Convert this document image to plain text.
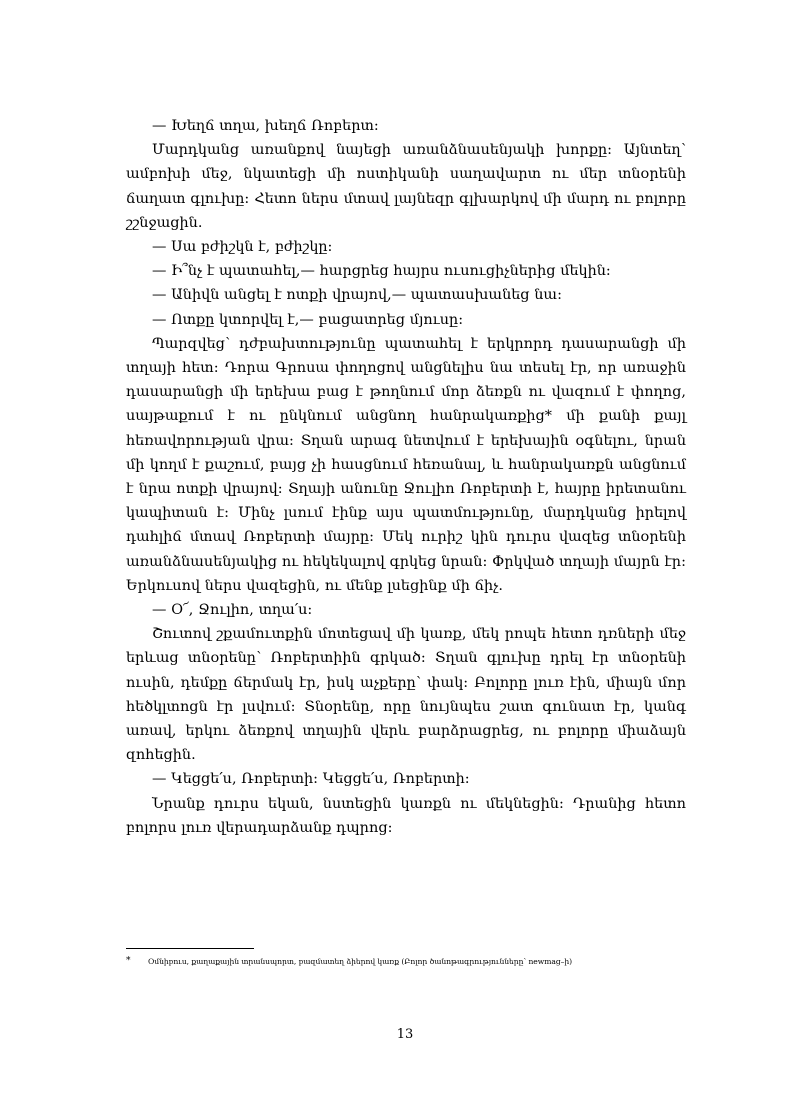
— Խեղճ տղա, խեղճ Ռոբերտ։

Մարդկանց առանքով նայեցի առանձնասենյակի խորքը։ Այնտեղ՝ ամբոխի մեջ, նկատեցի մի ոստիկանի սաղավարտ ու մեր տնօրենի ճաղատ գլուխը։ Հետո ներս մտավ լայնեզր գլխարկով մի մարդ ու բոլորը շշնջացին.

— Սա բժիշկն է, բժիշկը։

— Ի՞նչ է պատահել,— հարցրեց հայրս ուսուցիչներից մեկին։

— Անիվն անցել է ոտքի վրայով,— պատասխանեց նա։

— Ոտքը կտորվել է,— բացատրեց մյուսը։

Պարզվեց՝ դժբախտությունը պատահել է երկրորդ դասարանցի մի տղայի հետ։ Դորա Գրոսա փողոցով անցնելիս նա տեսել էր, որ առաջին դասարանցի մի երեխա բաց է թողնում մոր ձեռքն ու վազում է փողոց, սայթաքում է ու ընկնում անցնող հանրակառքից* մի քանի քայլ հեռավորության վրա։ Տղան արագ նետվում է երեխային օգնելու, նրան մի կողմ է քաշում, բայց չի հասցնում հեռանալ, և հանրակառքն անցնում է նրա ոտքի վրայով։ Տղայի անունը Ջուլիո Ռոբերտի է, հայրը իրետանու կապիտան է։ Մինչ լսում էինք այս պատմությունը, մարդկանց իրելով դահլիճ մտավ Ռոբերտի մայրը։ Մեկ ուրիշ կին դուրս վազեց տնօրենի առանձնասենյակից ու հեկեկալով գրկեց նրան։ Փրկված տղայի մայրն էր։ Երկուսով ներս վազեցին, ու մենք լսեցինք մի ճիչ.

— Օ՜, Ջուլիո, տղա՛ս։

Շուտով շքամուտքին մոտեցավ մի կառք, մեկ րոպե հետո դռների մեջ երևաց տնօրենը՝ Ռոբերտիին գրկած։ Տղան գլուխը դրել էր տնօրենի ուսին, դեմքը ճերմակ էր, իսկ աչքերը՝ փակ։ Բոլորը լուռ էին, միայն մոր հեծկլտոցն էր լսվում։ Տնօրենը, որը նույնպես շատ գունատ էր, կանգ առավ, երկու ձեռքով տղային վերև բարձրացրեց, ու բոլորը միաձայն զոհեցին.

— Կեցցե՛ս, Ռոբերտի։ Կեցցե՛ս, Ռոբերտի։

Նրանք դուրս եկան, նստեցին կառքն ու մեկնեցին։ Դրանից հետո բոլորս լուռ վերադարձանք դպրոց։

*	Օմնիբուս, քաղաքային տրանսպորտ, բազմատեղ ձիերով կառք (Բոլոր ծանոթագրությունները՝ newmag–ի)
13
